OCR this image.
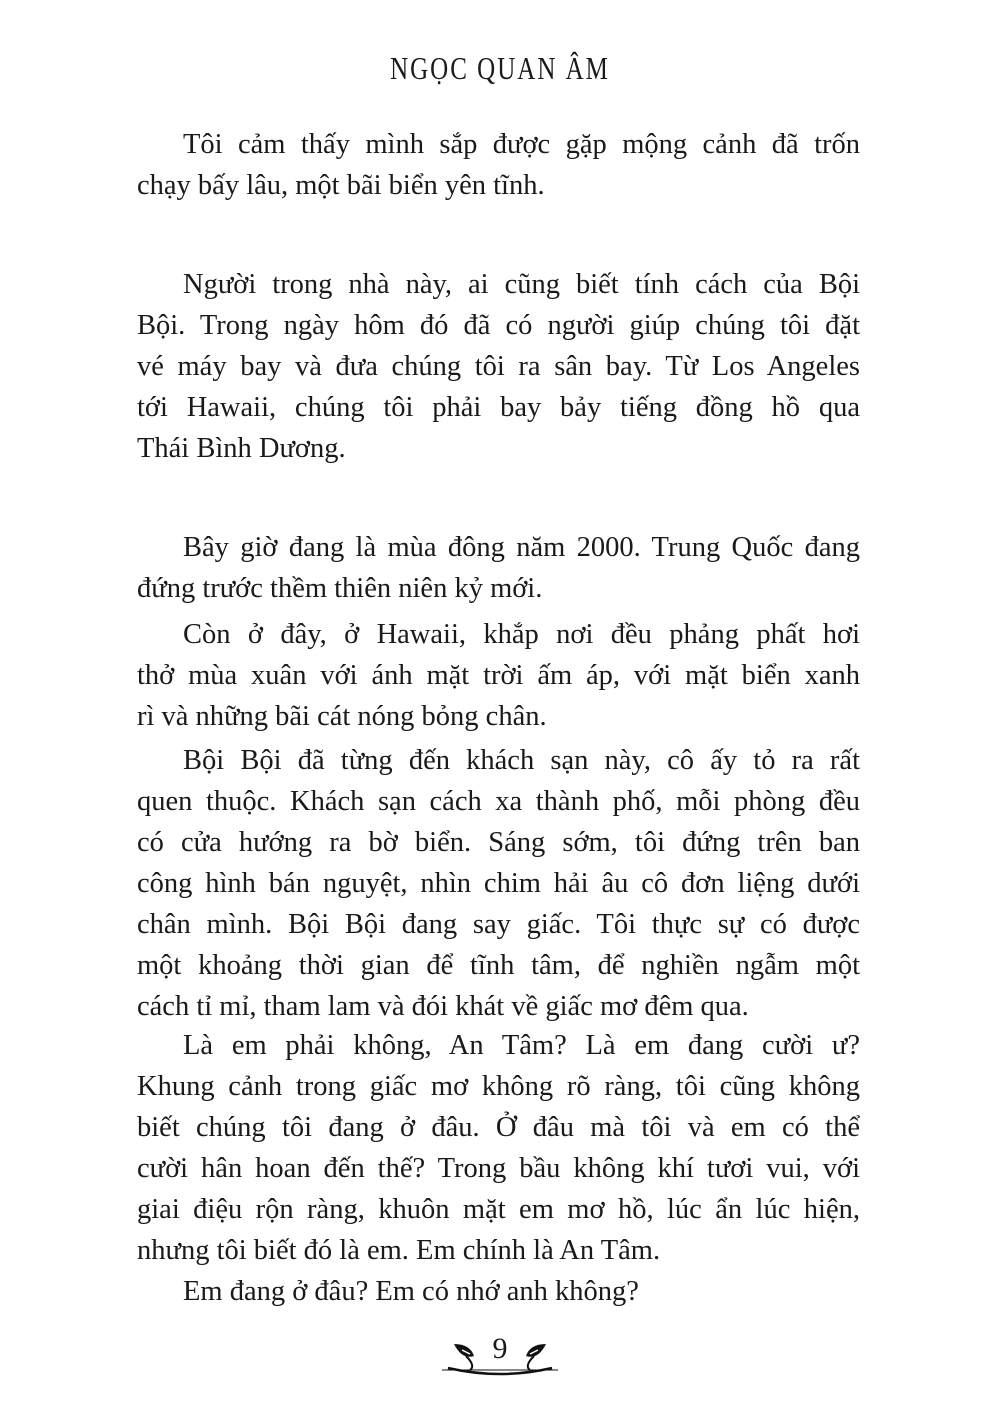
NGỌC QUAN ÂM
Tôi cảm thấy mình sắp được gặp mộng cảnh đã trốn
chạy bấy lâu, một bãi biển yên tĩnh.
Người trong nhà này, ai cũng biết tính cách của Bội
Bội. Trong ngày hôm đó đã có người giúp chúng tôi đặt
vé máy bay và đưa chúng tôi ra sân bay. Từ Los Angeles
tới Hawaii, chúng tôi phải bay bảy tiếng đồng hồ qua
Thái Bình Dương.
Bây giờ đang là mùa đông năm 2000. Trung Quốc đang
đứng trước thềm thiên niên kỷ mới.
Còn ở đây, ở Hawaii, khắp nơi đều phảng phất hơi
thở mùa xuân với ánh mặt trời ấm áp, với mặt biển xanh
rì và những bãi cát nóng bỏng chân.
Bội Bội đã từng đến khách sạn này, cô ấy tỏ ra rất
quen thuộc. Khách sạn cách xa thành phố, mỗi phòng đều
có cửa hướng ra bờ biển. Sáng sớm, tôi đứng trên ban
công hình bán nguyệt, nhìn chim hải âu cô đơn liệng dưới
chân mình. Bội Bội đang say giấc. Tôi thực sự có được
một khoảng thời gian để tĩnh tâm, để nghiền ngẫm một
cách tỉ mỉ, tham lam và đói khát về giấc mơ đêm qua.
Là em phải không, An Tâm? Là em đang cười ư?
Khung cảnh trong giấc mơ không rõ ràng, tôi cũng không
biết chúng tôi đang ở đâu. Ở đâu mà tôi và em có thể
cười hân hoan đến thế? Trong bầu không khí tươi vui, với
giai điệu rộn ràng, khuôn mặt em mơ hồ, lúc ẩn lúc hiện,
nhưng tôi biết đó là em. Em chính là An Tâm.
Em đang ở đâu? Em có nhớ anh không?
9
